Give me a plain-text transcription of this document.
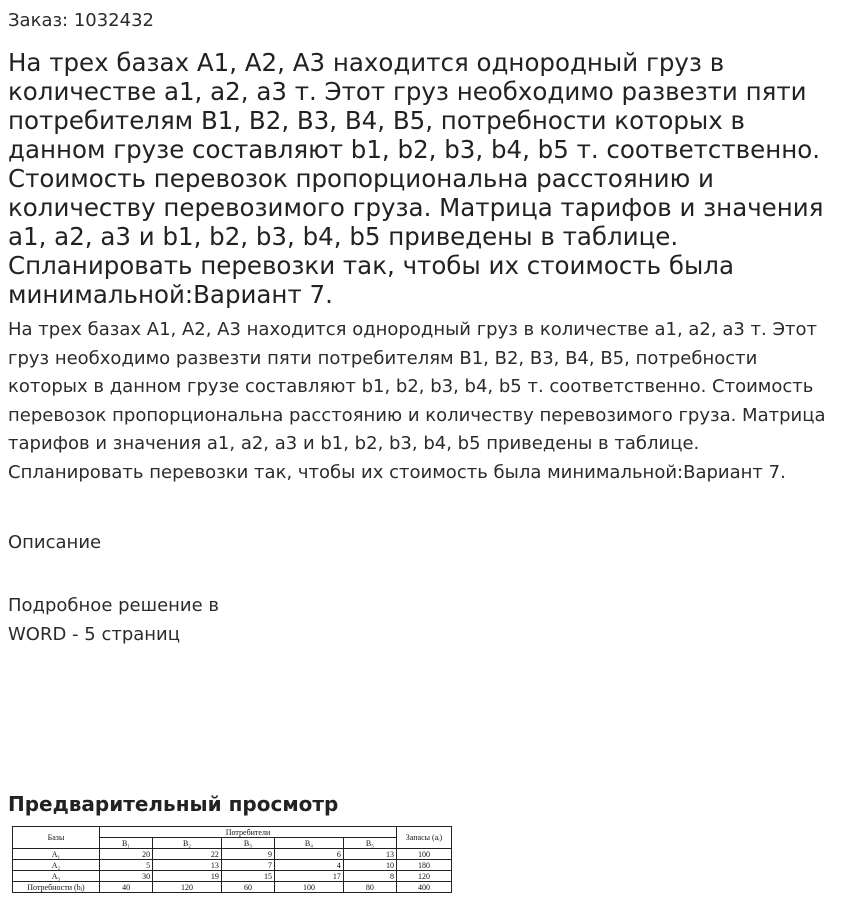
Заказ: 1032432
На трех базах А1, А2, А3 находится однородный груз в количестве а1, а2, а3 т. Этот груз необходимо развезти пяти потребителям В1, В2, В3, В4, В5, потребности которых в данном грузе составляют b1, b2, b3, b4, b5 т. соответственно. Стоимость перевозок пропорциональна расстоянию и количеству перевозимого груза. Матрица тарифов и значения а1, а2, а3 и b1, b2, b3, b4, b5 приведены в таблице. Спланировать перевозки так, чтобы их стоимость была минимальной:Вариант 7.

На трех базах А1, А2, А3 находится однородный груз в количестве а1, а2, а3 т. Этот груз необходимо развезти пяти потребителям В1, В2, В3, В4, В5, потребности которых в данном грузе составляют b1, b2, b3, b4, b5 т. соответственно. Стоимость перевозок пропорциональна расстоянию и количеству перевозимого груза. Матрица тарифов и значения а1, а2, а3 и b1, b2, b3, b4, b5 приведены в таблице. Спланировать перевозки так, чтобы их стоимость была минимальной:Вариант 7.

Описание
Подробное решение в
WORD - 5 страниц
Предварительный просмотр
Базы	Потребители					Запасы (aᵢ)
	B₁	B₂	B₃	B₄	B₅	
A₁	20	22	9	6	13	100
A₂	5	13	7	4	10	180
A₃	30	19	15	17	8	120
Потребности (bⱼ)	40	120	60	100	80	400
